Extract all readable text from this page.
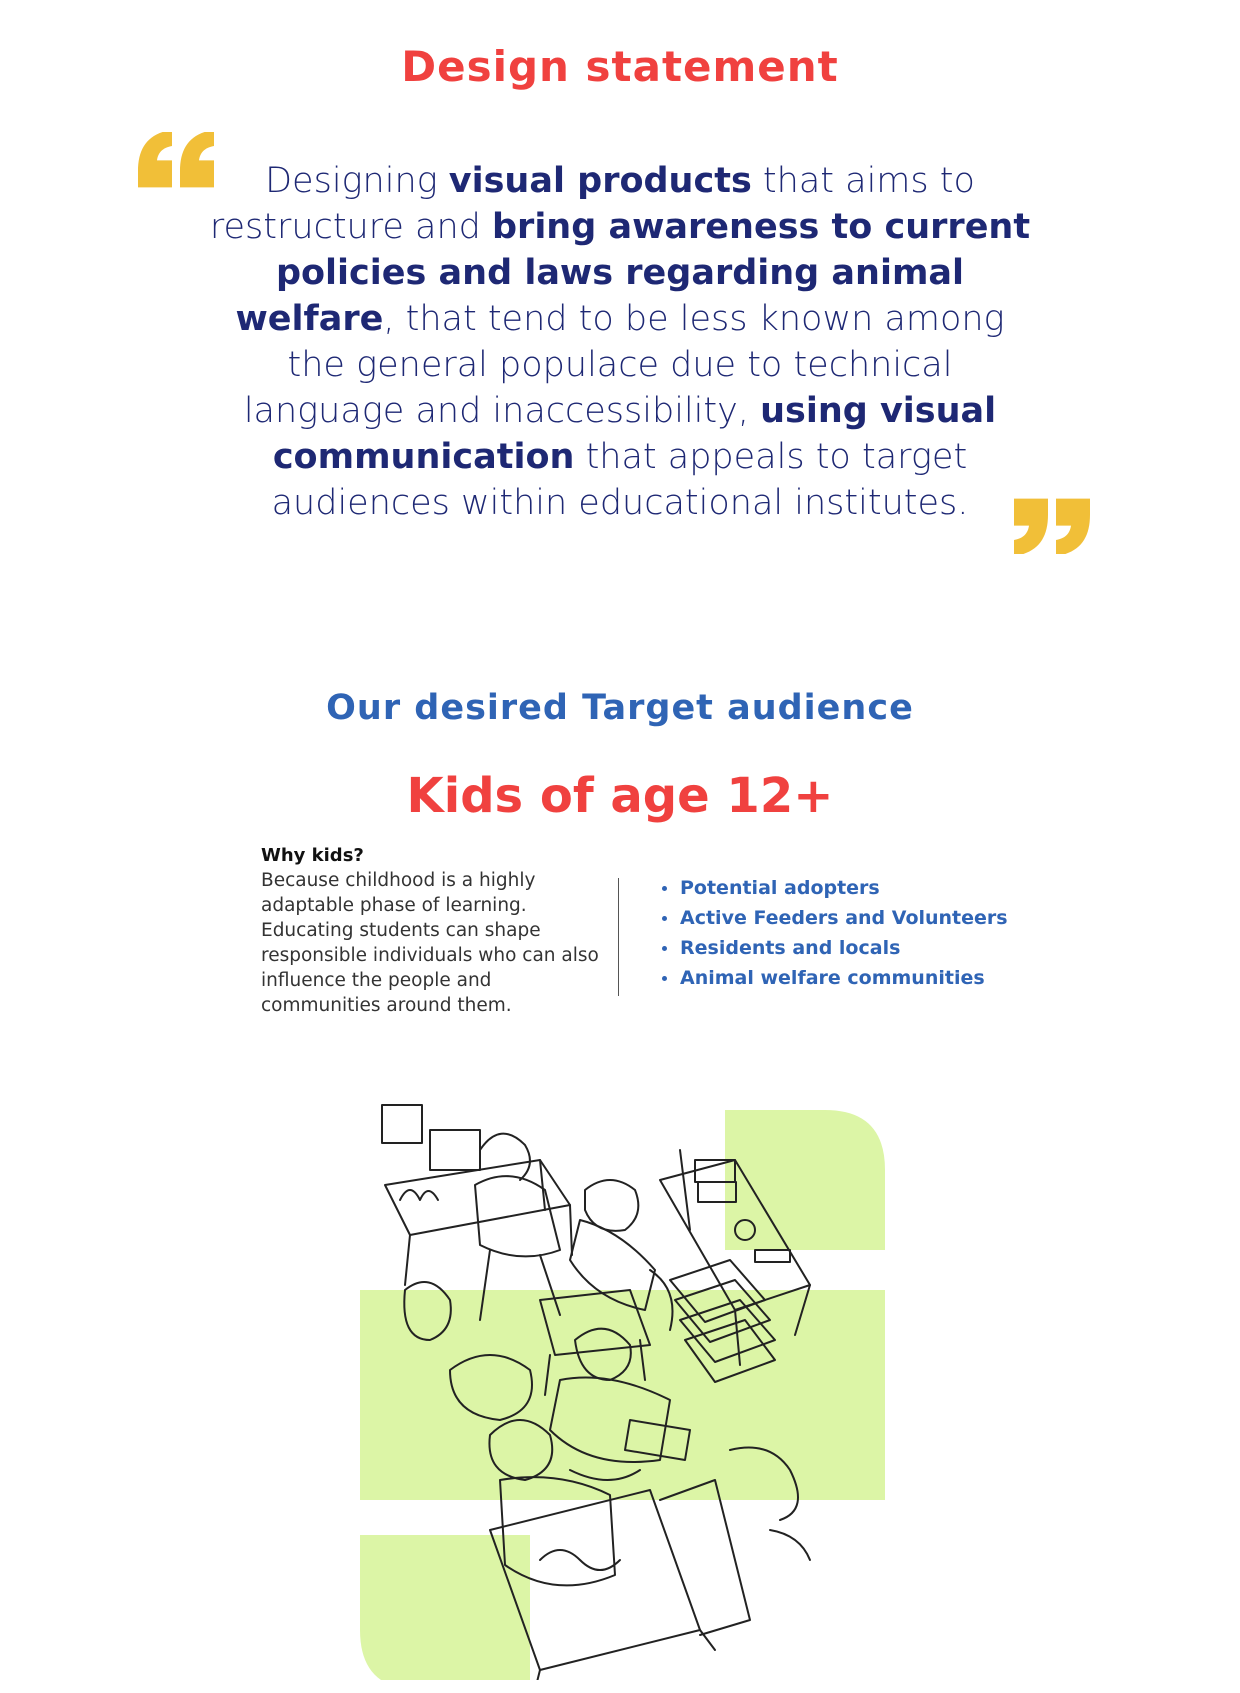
Design statement
Designing visual products that aims to restructure and bring awareness to current policies and laws regarding animal welfare, that tend to be less known among the general populace due to technical language and inaccessibility, using visual communication that appeals to target audiences within educational institutes.
Our desired Target audience
Kids of age 12+
Why kids?
Because childhood is a highly adaptable phase of learning. Educating students can shape responsible individuals who can also influence the people and communities around them.
Potential adopters
Active Feeders and Volunteers
Residents and locals
Animal welfare communities
